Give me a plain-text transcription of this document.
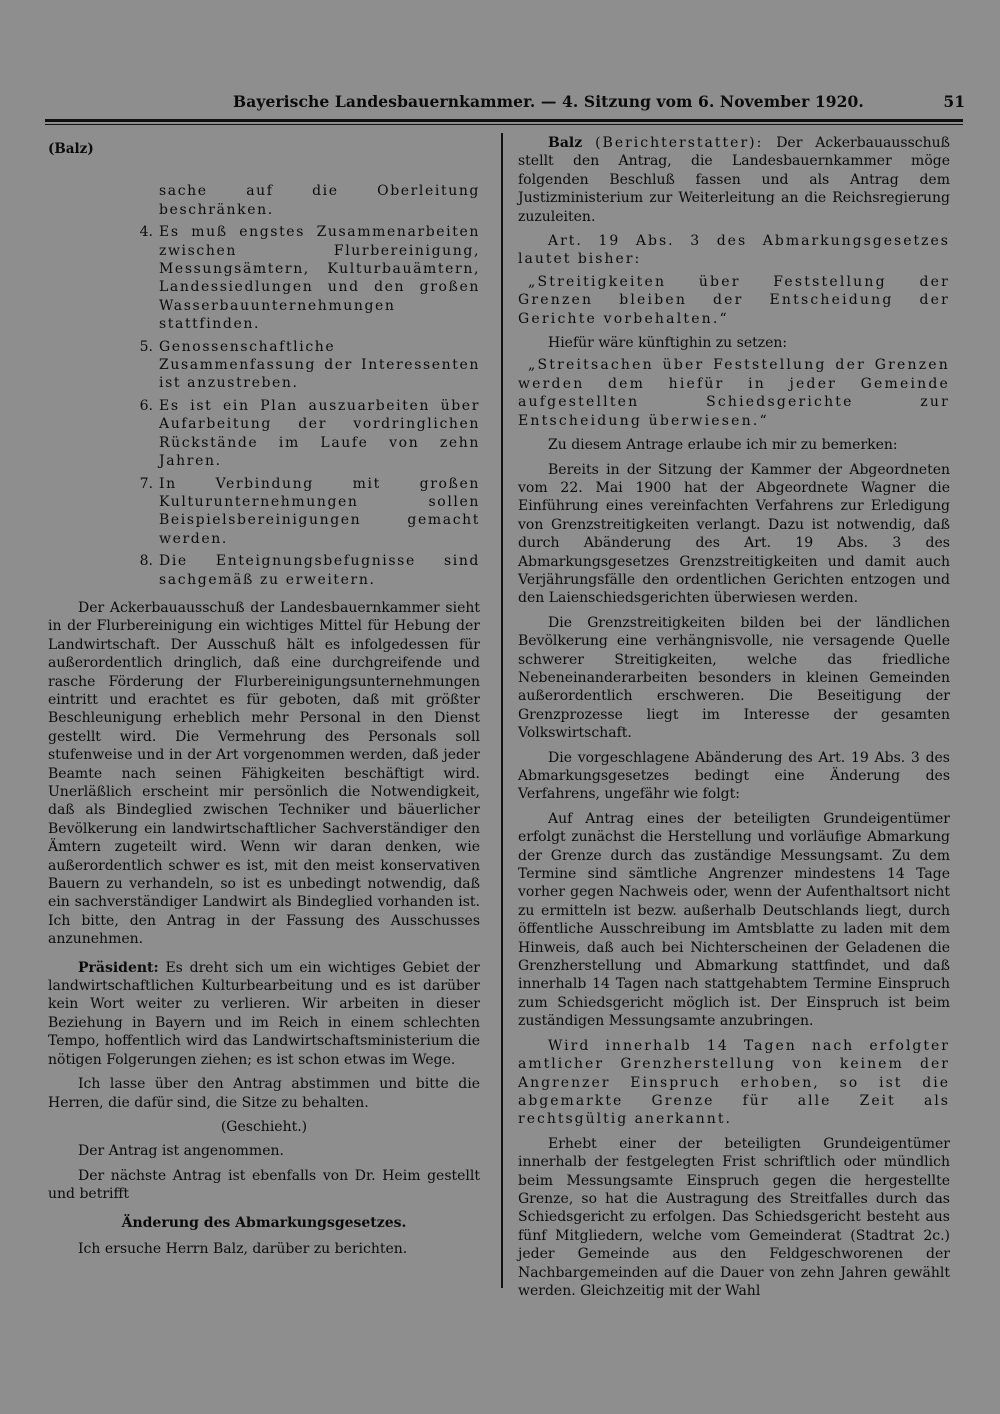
Bayerische Landesbauernkammer. — 4. Sitzung vom 6. November 1920.	51
(Balz)
sache auf die Oberleitung beschränken.
4. Es muß engstes Zusammenarbeiten zwischen Flurbereinigung, Messungsämtern, Kulturbauämtern, Landessiedlungen und den großen Wasserbauunternehmungen stattfinden.
5. Genossenschaftliche Zusammenfassung der Interessenten ist anzustreben.
6. Es ist ein Plan auszuarbeiten über Aufarbeitung der vordringlichen Rückstände im Laufe von zehn Jahren.
7. In Verbindung mit großen Kulturunternehmungen sollen Beispielsbereinigungen gemacht werden.
8. Die Enteignungsbefugnisse sind sachgemäß zu erweitern.

Der Ackerbauausschuß der Landesbauernkammer sieht in der Flurbereinigung ein wichtiges Mittel für Hebung der Landwirtschaft. Der Ausschuß hält es infolgedessen für außerordentlich dringlich, daß eine durchgreifende und rasche Förderung der Flurbereinigungsunternehmungen eintritt und erachtet es für geboten, daß mit größter Beschleunigung erheblich mehr Personal in den Dienst gestellt wird. Die Vermehrung des Personals soll stufenweise und in der Art vorgenommen werden, daß jeder Beamte nach seinen Fähigkeiten beschäftigt wird. Unerläßlich erscheint mir persönlich die Notwendigkeit, daß als Bindeglied zwischen Techniker und bäuerlicher Bevölkerung ein landwirtschaftlicher Sachverständiger den Ämtern zugeteilt wird. Wenn wir daran denken, wie außerordentlich schwer es ist, mit den meist konservativen Bauern zu verhandeln, so ist es unbedingt notwendig, daß ein sachverständiger Landwirt als Bindeglied vorhanden ist. Ich bitte, den Antrag in der Fassung des Ausschusses anzunehmen.

Präsident: Es dreht sich um ein wichtiges Gebiet der landwirtschaftlichen Kulturbearbeitung und es ist darüber kein Wort weiter zu verlieren. Wir arbeiten in dieser Beziehung in Bayern und im Reich in einem schlechten Tempo, hoffentlich wird das Landwirtschaftsministerium die nötigen Folgerungen ziehen; es ist schon etwas im Wege.

Ich lasse über den Antrag abstimmen und bitte die Herren, die dafür sind, die Sitze zu behalten.

(Geschieht.)

Der Antrag ist angenommen.

Der nächste Antrag ist ebenfalls von Dr. Heim gestellt und betrifft

Änderung des Abmarkungsgesetzes.

Ich ersuche Herrn Balz, darüber zu berichten.

Balz (Berichterstatter): Der Ackerbauausschuß stellt den Antrag, die Landesbauernkammer möge folgenden Beschluß fassen und als Antrag dem Justizministerium zur Weiterleitung an die Reichsregierung zuzuleiten.

Art. 19 Abs. 3 des Abmarkungsgesetzes lautet bisher:

„Streitigkeiten über Feststellung der Grenzen bleiben der Entscheidung der Gerichte vorbehalten.“

Hiefür wäre künftighin zu setzen:

„Streitsachen über Feststellung der Grenzen werden dem hiefür in jeder Gemeinde aufgestellten Schiedsgerichte zur Entscheidung überwiesen.“

Zu diesem Antrage erlaube ich mir zu bemerken:

Bereits in der Sitzung der Kammer der Abgeordneten vom 22. Mai 1900 hat der Abgeordnete Wagner die Einführung eines vereinfachten Verfahrens zur Erledigung von Grenzstreitigkeiten verlangt. Dazu ist notwendig, daß durch Abänderung des Art. 19 Abs. 3 des Abmarkungsgesetzes Grenzstreitigkeiten und damit auch Verjährungsfälle den ordentlichen Gerichten entzogen und den Laienschiedsgerichten überwiesen werden.

Die Grenzstreitigkeiten bilden bei der ländlichen Bevölkerung eine verhängnisvolle, nie versagende Quelle schwerer Streitigkeiten, welche das friedliche Nebeneinanderarbeiten besonders in kleinen Gemeinden außerordentlich erschweren. Die Beseitigung der Grenzprozesse liegt im Interesse der gesamten Volkswirtschaft.

Die vorgeschlagene Abänderung des Art. 19 Abs. 3 des Abmarkungsgesetzes bedingt eine Änderung des Verfahrens, ungefähr wie folgt:

Auf Antrag eines der beteiligten Grundeigentümer erfolgt zunächst die Herstellung und vorläufige Abmarkung der Grenze durch das zuständige Messungsamt. Zu dem Termine sind sämtliche Angrenzer mindestens 14 Tage vorher gegen Nachweis oder, wenn der Aufenthaltsort nicht zu ermitteln ist bezw. außerhalb Deutschlands liegt, durch öffentliche Ausschreibung im Amtsblatte zu laden mit dem Hinweis, daß auch bei Nichterscheinen der Geladenen die Grenzherstellung und Abmarkung stattfindet, und daß innerhalb 14 Tagen nach stattgehabtem Termine Einspruch zum Schiedsgericht möglich ist. Der Einspruch ist beim zuständigen Messungsamte anzubringen.

Wird innerhalb 14 Tagen nach erfolgter amtlicher Grenzherstellung von keinem der Angrenzer Einspruch erhoben, so ist die abgemarkte Grenze für alle Zeit als rechtsgültig anerkannt.

Erhebt einer der beteiligten Grundeigentümer innerhalb der festgelegten Frist schriftlich oder mündlich beim Messungsamte Einspruch gegen die hergestellte Grenze, so hat die Austragung des Streitfalles durch das Schiedsgericht zu erfolgen. Das Schiedsgericht besteht aus fünf Mitgliedern, welche vom Gemeinderat (Stadtrat 2c.) jeder Gemeinde aus den Feldgeschworenen der Nachbargemeinden auf die Dauer von zehn Jahren gewählt werden. Gleichzeitig mit der Wahl
